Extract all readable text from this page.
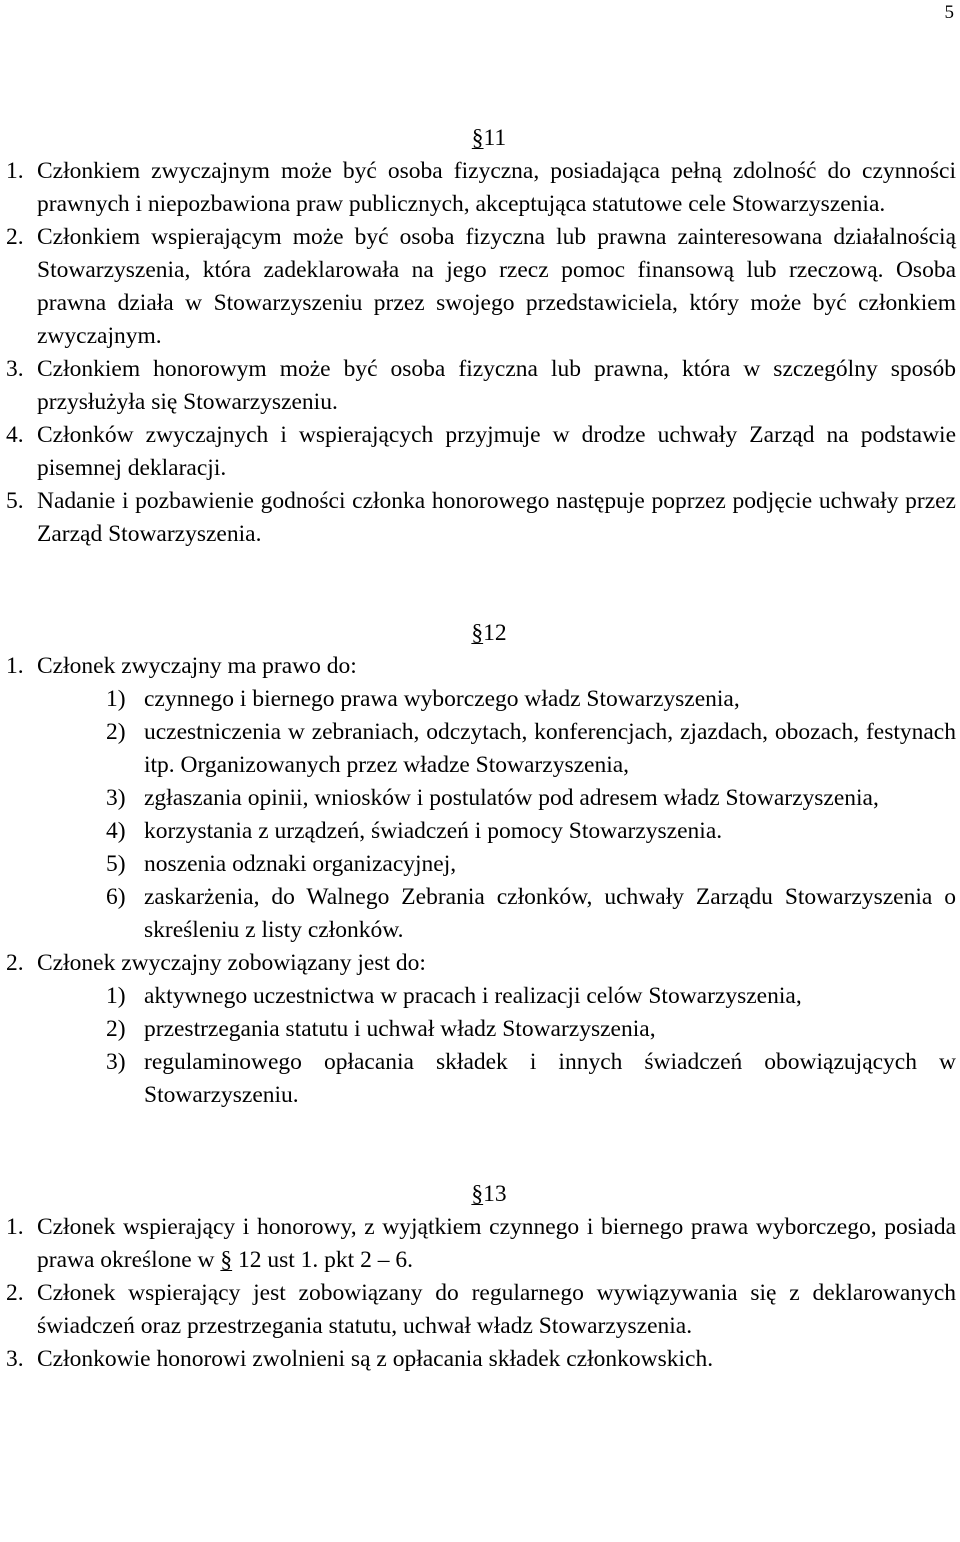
5
§11
1. Członkiem zwyczajnym może być osoba fizyczna, posiadająca pełną zdolność do czynności prawnych i niepozbawiona praw publicznych, akceptująca statutowe cele Stowarzyszenia.
2. Członkiem wspierającym może być osoba fizyczna lub prawna zainteresowana działalnością Stowarzyszenia, która zadeklarowała na jego rzecz pomoc finansową lub rzeczową. Osoba prawna działa w Stowarzyszeniu przez swojego przedstawiciela, który może być członkiem zwyczajnym.
3. Członkiem honorowym może być osoba fizyczna lub prawna, która w szczególny sposób przysłużyła się Stowarzyszeniu.
4. Członków zwyczajnych i wspierających przyjmuje w drodze uchwały Zarząd na podstawie pisemnej deklaracji.
5. Nadanie i pozbawienie godności członka honorowego następuje poprzez podjęcie uchwały przez Zarząd Stowarzyszenia.
§12
1. Członek zwyczajny ma prawo do:
1) czynnego i biernego prawa wyborczego władz Stowarzyszenia,
2) uczestniczenia w zebraniach, odczytach, konferencjach, zjazdach, obozach, festynach itp. Organizowanych przez władze Stowarzyszenia,
3) zgłaszania opinii, wniosków i postulatów pod adresem władz Stowarzyszenia,
4) korzystania z urządzeń, świadczeń i pomocy Stowarzyszenia.
5) noszenia odznaki organizacyjnej,
6) zaskarżenia, do Walnego Zebrania członków, uchwały Zarządu Stowarzyszenia o skreśleniu z listy członków.
2. Członek zwyczajny zobowiązany jest do:
1) aktywnego uczestnictwa w pracach i realizacji celów Stowarzyszenia,
2) przestrzegania statutu i uchwał władz Stowarzyszenia,
3) regulaminowego opłacania składek i innych świadczeń obowiązujących w Stowarzyszeniu.
§13
1. Członek wspierający i honorowy, z wyjątkiem czynnego i biernego prawa wyborczego, posiada prawa określone w § 12 ust 1. pkt 2 – 6.
2. Członek wspierający jest zobowiązany do regularnego wywiązywania się z deklarowanych świadczeń oraz przestrzegania statutu, uchwał władz Stowarzyszenia.
3. Członkowie honorowi zwolnieni są z opłacania składek członkowskich.
